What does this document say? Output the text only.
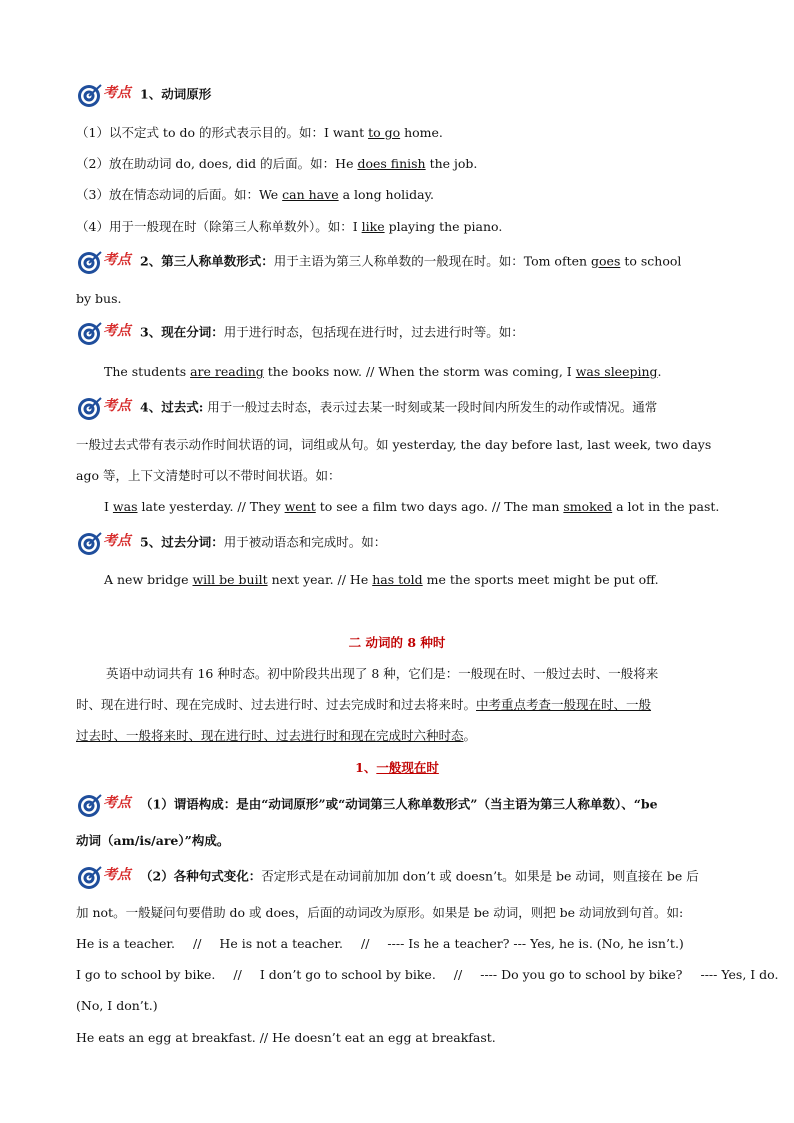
考点 1、动词原形
（1）以不定式 to do 的形式表示目的。如：I want to go home.
（2）放在助动词 do, does, did 的后面。如：He does finish the job.
（3）放在情态动词的后面。如：We can have a long holiday.
（4）用于一般现在时（除第三人称单数外）。如：I like playing the piano.
考点 2、第三人称单数形式：用于主语为第三人称单数的一般现在时。如：Tom often goes to school
by bus.
考点 3、现在分词：用于进行时态，包括现在进行时，过去进行时等。如：
The students are reading the books now. // When the storm was coming, I was sleeping.
考点 4、过去式: 用于一般过去时态，表示过去某一时刻或某一段时间内所发生的动作或情况。通常
一般过去式带有表示动作时间状语的词，词组或从句。如 yesterday, the day before last, last week, two days
ago 等，上下文清楚时可以不带时间状语。如：
I was late yesterday. // They went to see a film two days ago. // The man smoked a lot in the past.
考点 5、过去分词：用于被动语态和完成时。如：
A new bridge will be built next year. // He has told me the sports meet might be put off.
二 动词的 8 种时
英语中动词共有 16 种时态。初中阶段共出现了 8 种，它们是：一般现在时、一般过去时、一般将来
时、现在进行时、现在完成时、过去进行时、过去完成时和过去将来时。中考重点考查一般现在时、一般
过去时、一般将来时、现在进行时、过去进行时和现在完成时六种时态。
1、一般现在时
考点 （1）谓语构成：是由“动词原形”或“动词第三人称单数形式”（当主语为第三人称单数）、“be
动词（am/is/are）”构成。
考点 （2）各种句式变化：否定形式是在动词前加加 don’t 或 doesn’t。如果是 be 动词，则直接在 be 后
加 not。一般疑问句要借助 do 或 does，后面的动词改为原形。如果是 be 动词，则把 be 动词放到句首。如:
He is a teacher. // He is not a teacher. // ---- Is he a teacher? --- Yes, he is. (No, he isn’t.)
I go to school by bike. // I don’t go to school by bike. // ---- Do you go to school by bike? ---- Yes, I do.
(No, I don’t.)
He eats an egg at breakfast. // He doesn’t eat an egg at breakfast.
